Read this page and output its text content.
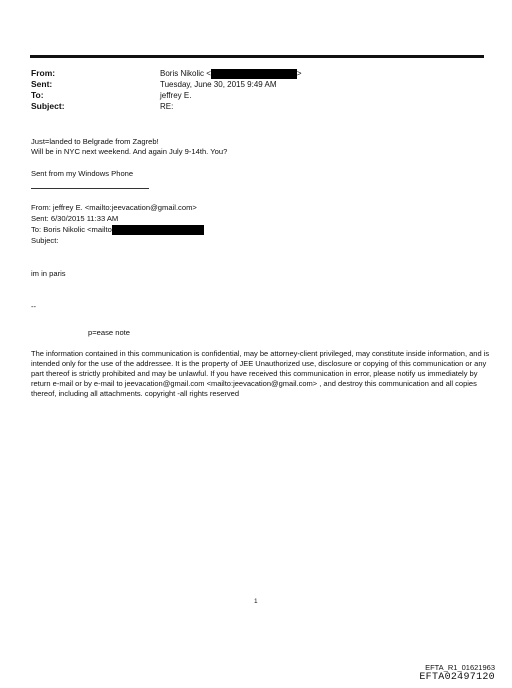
From:	Boris Nikolic <	>
Sent:	Tuesday, June 30, 2015 9:49 AM
To:	jeffrey E.
Subject:	RE:
Just=landed to Belgrade from Zagreb!
Will be in NYC next weekend. And again July 9-14th. You?
Sent from my Windows Phone
From: jeffrey E. <mailto:jeevacation@gmail.com>
Sent: 6/30/2015 11:33 AM
To: Boris Nikolic <mailto
Subject:
im in paris
--
p=ease note
The information contained in this communication is confidential, may be attorney-client privileged, may constitute inside information, and is intended only for the use of the addressee. It is the property of JEE Unauthorized use, disclosure or copying of this communication or any part thereof is strictly prohibited and may be unlawful. If you have received this communication in error, please notify us immediately by return e-mail or by e-mail to jeevacation@gmail.com <mailto:jeevacation@gmail.com> , and destroy this communication and all copies thereof, including all attachments. copyright -all rights reserved
1
EFTA_R1_01621963
EFTA02497120
